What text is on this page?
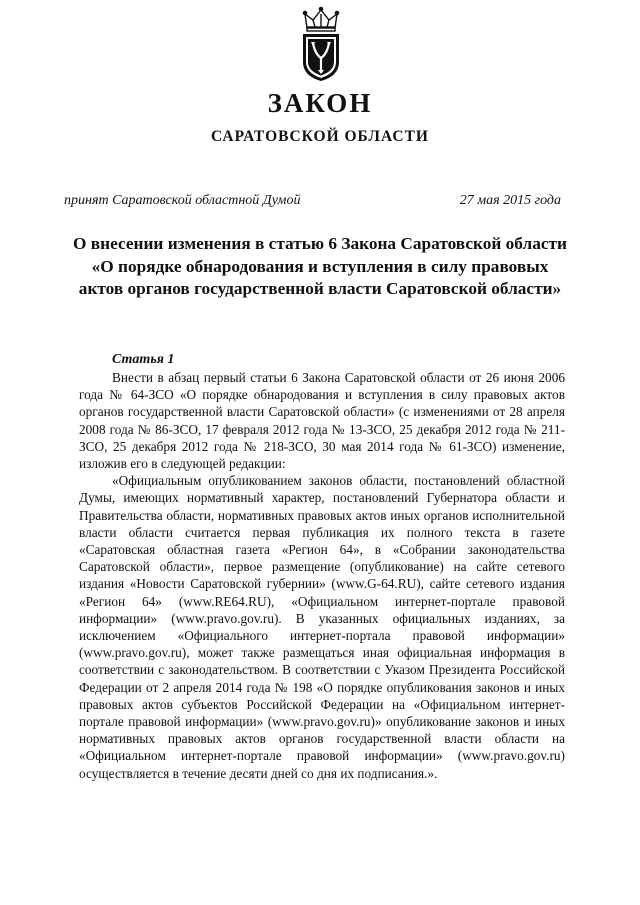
ЗАКОН
САРАТОВСКОЙ ОБЛАСТИ
принят Саратовской областной Думой	27 мая 2015 года
О внесении изменения в статью 6 Закона Саратовской области «О порядке обнародования и вступления в силу правовых актов органов государственной власти Саратовской области»
Статья 1

Внести в абзац первый статьи 6 Закона Саратовской области от 26 июня 2006 года № 64-ЗСО «О порядке обнародования и вступления в силу правовых актов органов государственной власти Саратовской области» (с изменениями от 28 апреля 2008 года № 86-ЗСО, 17 февраля 2012 года № 13-ЗСО, 25 декабря 2012 года № 211-ЗСО, 25 декабря 2012 года № 218-ЗСО, 30 мая 2014 года № 61-ЗСО) изменение, изложив его в следующей редакции:

«Официальным опубликованием законов области, постановлений областной Думы, имеющих нормативный характер, постановлений Губернатора области и Правительства области, нормативных правовых актов иных органов исполнительной власти области считается первая публикация их полного текста в газете «Саратовская областная газета «Регион 64», в «Собрании законодательства Саратовской области», первое размещение (опубликование) на сайте сетевого издания «Новости Саратовской губернии» (www.G-64.RU), сайте сетевого издания «Регион 64» (www.RE64.RU), «Официальном интернет-портале правовой информации» (www.pravo.gov.ru). В указанных официальных изданиях, за исключением «Официального интернет-портала правовой информации» (www.pravo.gov.ru), может также размещаться иная официальная информация в соответствии с законодательством. В соответствии с Указом Президента Российской Федерации от 2 апреля 2014 года № 198 «О порядке опубликования законов и иных правовых актов субъектов Российской Федерации на «Официальном интернет-портале правовой информации» (www.pravo.gov.ru)» опубликование законов и иных нормативных правовых актов органов государственной власти области на «Официальном интернет-портале правовой информации» (www.pravo.gov.ru) осуществляется в течение десяти дней со дня их подписания.».
